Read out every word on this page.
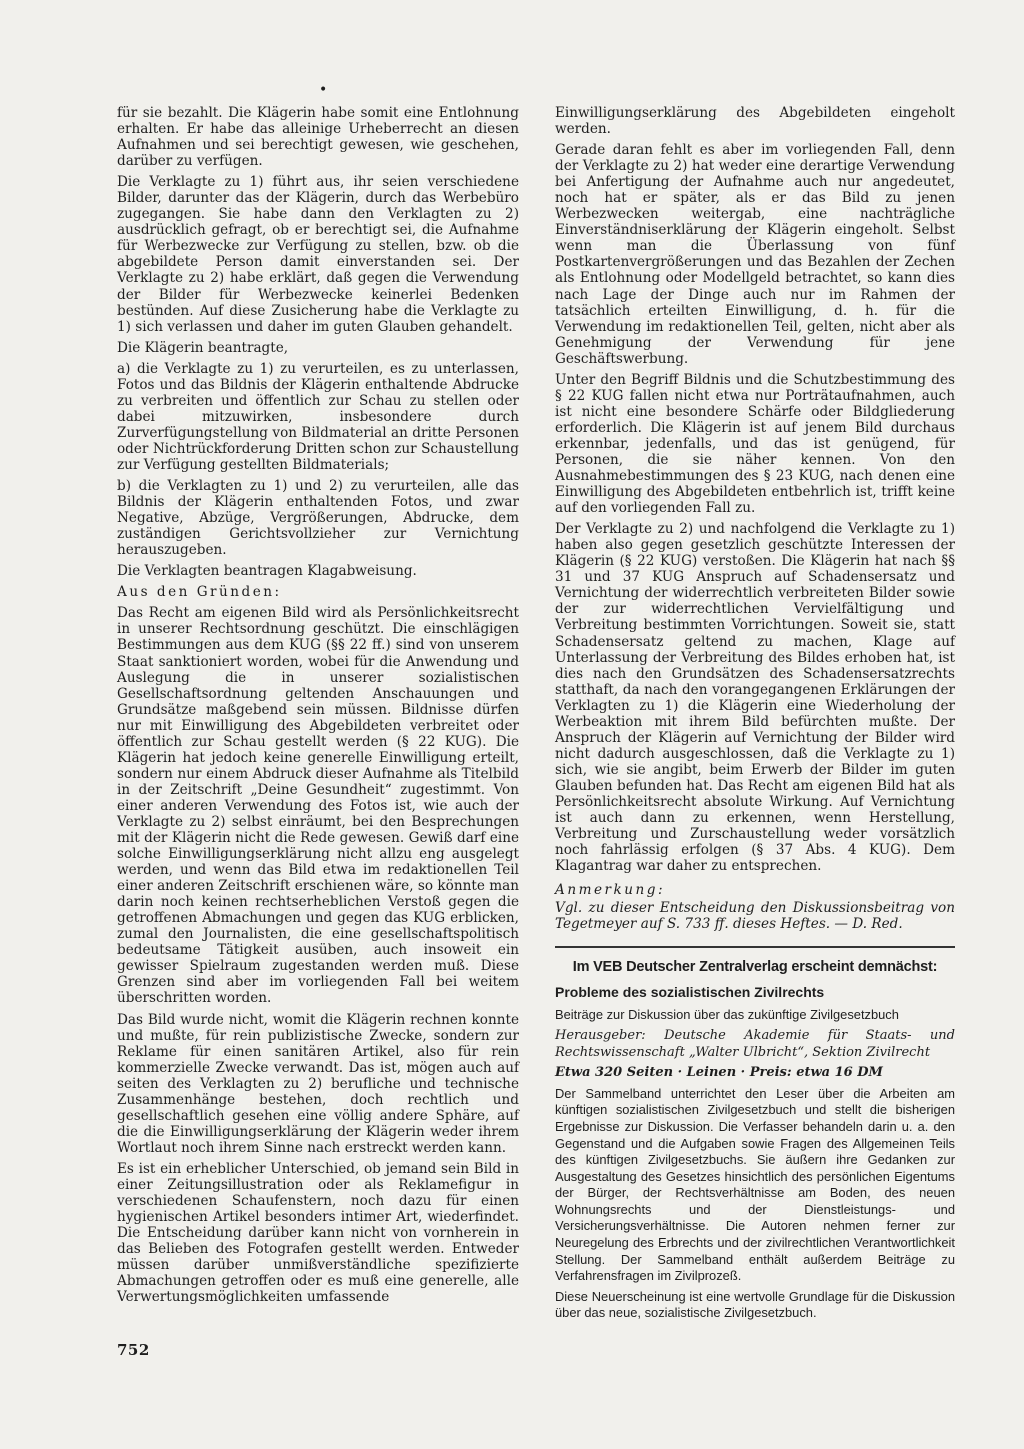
•

für sie bezahlt. Die Klägerin habe somit eine Entlohnung erhalten. Er habe das alleinige Urheberrecht an diesen Aufnahmen und sei berechtigt gewesen, wie geschehen, darüber zu verfügen.

Die Verklagte zu 1) führt aus, ihr seien verschiedene Bilder, darunter das der Klägerin, durch das Werbebüro zugegangen. Sie habe dann den Verklagten zu 2) ausdrücklich gefragt, ob er berechtigt sei, die Aufnahme für Werbezwecke zur Verfügung zu stellen, bzw. ob die abgebildete Person damit einverstanden sei. Der Verklagte zu 2) habe erklärt, daß gegen die Verwendung der Bilder für Werbezwecke keinerlei Bedenken bestünden. Auf diese Zusicherung habe die Verklagte zu 1) sich verlassen und daher im guten Glauben gehandelt.

Die Klägerin beantragte,

a) die Verklagte zu 1) zu verurteilen, es zu unterlassen, Fotos und das Bildnis der Klägerin enthaltende Abdrucke zu verbreiten und öffentlich zur Schau zu stellen oder dabei mitzuwirken, insbesondere durch Zurverfügungstellung von Bildmaterial an dritte Personen oder Nichtrückforderung Dritten schon zur Schaustellung zur Verfügung gestellten Bildmaterials;

b) die Verklagten zu 1) und 2) zu verurteilen, alle das Bildnis der Klägerin enthaltenden Fotos, und zwar Negative, Abzüge, Vergrößerungen, Abdrucke, dem zuständigen Gerichtsvollzieher zur Vernichtung herauszugeben.

Die Verklagten beantragen Klagabweisung.

Aus den Gründen:

Das Recht am eigenen Bild wird als Persönlichkeitsrecht in unserer Rechtsordnung geschützt. Die einschlägigen Bestimmungen aus dem KUG (§§ 22 ff.) sind von unserem Staat sanktioniert worden, wobei für die Anwendung und Auslegung die in unserer sozialistischen Gesellschaftsordnung geltenden Anschauungen und Grundsätze maßgebend sein müssen. Bildnisse dürfen nur mit Einwilligung des Abgebildeten verbreitet oder öffentlich zur Schau gestellt werden (§ 22 KUG). Die Klägerin hat jedoch keine generelle Einwilligung erteilt, sondern nur einem Abdruck dieser Aufnahme als Titelbild in der Zeitschrift „Deine Gesundheit“ zugestimmt. Von einer anderen Verwendung des Fotos ist, wie auch der Verklagte zu 2) selbst einräumt, bei den Besprechungen mit der Klägerin nicht die Rede gewesen. Gewiß darf eine solche Einwilligungserklärung nicht allzu eng ausgelegt werden, und wenn das Bild etwa im redaktionellen Teil einer anderen Zeitschrift erschienen wäre, so könnte man darin noch keinen rechtserheblichen Verstoß gegen die getroffenen Abmachungen und gegen das KUG erblicken, zumal den Journalisten, die eine gesellschaftspolitisch bedeutsame Tätigkeit ausüben, auch insoweit ein gewisser Spielraum zugestanden werden muß. Diese Grenzen sind aber im vorliegenden Fall bei weitem überschritten worden.

Das Bild wurde nicht, womit die Klägerin rechnen konnte und mußte, für rein publizistische Zwecke, sondern zur Reklame für einen sanitären Artikel, also für rein kommerzielle Zwecke verwandt. Das ist, mögen auch auf seiten des Verklagten zu 2) berufliche und technische Zusammenhänge bestehen, doch rechtlich und gesellschaftlich gesehen eine völlig andere Sphäre, auf die die Einwilligungserklärung der Klägerin weder ihrem Wortlaut noch ihrem Sinne nach erstreckt werden kann.

Es ist ein erheblicher Unterschied, ob jemand sein Bild in einer Zeitungsillustration oder als Reklamefigur in verschiedenen Schaufenstern, noch dazu für einen hygienischen Artikel besonders intimer Art, wiederfindet. Die Entscheidung darüber kann nicht von vornherein in das Belieben des Fotografen gestellt werden. Entweder müssen darüber unmißverständliche spezifizierte Abmachungen getroffen oder es muß eine generelle, alle Verwertungsmöglichkeiten umfassende

Einwilligungserklärung des Abgebildeten eingeholt werden.

Gerade daran fehlt es aber im vorliegenden Fall, denn der Verklagte zu 2) hat weder eine derartige Verwendung bei Anfertigung der Aufnahme auch nur angedeutet, noch hat er später, als er das Bild zu jenen Werbezwecken weitergab, eine nachträgliche Einverständniserklärung der Klägerin eingeholt. Selbst wenn man die Überlassung von fünf Postkartenvergrößerungen und das Bezahlen der Zechen als Entlohnung oder Modellgeld betrachtet, so kann dies nach Lage der Dinge auch nur im Rahmen der tatsächlich erteilten Einwilligung, d. h. für die Verwendung im redaktionellen Teil, gelten, nicht aber als Genehmigung der Verwendung für jene Geschäftswerbung.

Unter den Begriff Bildnis und die Schutzbestimmung des § 22 KUG fallen nicht etwa nur Porträtaufnahmen, auch ist nicht eine besondere Schärfe oder Bildgliederung erforderlich. Die Klägerin ist auf jenem Bild durchaus erkennbar, jedenfalls, und das ist genügend, für Personen, die sie näher kennen. Von den Ausnahmebestimmungen des § 23 KUG, nach denen eine Einwilligung des Abgebildeten entbehrlich ist, trifft keine auf den vorliegenden Fall zu.

Der Verklagte zu 2) und nachfolgend die Verklagte zu 1) haben also gegen gesetzlich geschützte Interessen der Klägerin (§ 22 KUG) verstoßen. Die Klägerin hat nach §§ 31 und 37 KUG Anspruch auf Schadensersatz und Vernichtung der widerrechtlich verbreiteten Bilder sowie der zur widerrechtlichen Vervielfältigung und Verbreitung bestimmten Vorrichtungen. Soweit sie, statt Schadensersatz geltend zu machen, Klage auf Unterlassung der Verbreitung des Bildes erhoben hat, ist dies nach den Grundsätzen des Schadensersatzrechts statthaft, da nach den vorangegangenen Erklärungen der Verklagten zu 1) die Klägerin eine Wiederholung der Werbeaktion mit ihrem Bild befürchten mußte. Der Anspruch der Klägerin auf Vernichtung der Bilder wird nicht dadurch ausgeschlossen, daß die Verklagte zu 1) sich, wie sie angibt, beim Erwerb der Bilder im guten Glauben befunden hat. Das Recht am eigenen Bild hat als Persönlichkeitsrecht absolute Wirkung. Auf Vernichtung ist auch dann zu erkennen, wenn Herstellung, Verbreitung und Zurschaustellung weder vorsätzlich noch fahrlässig erfolgen (§ 37 Abs. 4 KUG). Dem Klagantrag war daher zu entsprechen.

Anmerkung:

Vgl. zu dieser Entscheidung den Diskussionsbeitrag von Tegetmeyer auf S. 733 ff. dieses Heftes. — D. Red.

Im VEB Deutscher Zentralverlag erscheint demnächst:
Probleme des sozialistischen Zivilrechts

Beiträge zur Diskussion über das zukünftige Zivilgesetzbuch

Herausgeber: Deutsche Akademie für Staats- und Rechtswissenschaft „Walter Ulbricht“, Sektion Zivilrecht

Etwa 320 Seiten · Leinen · Preis: etwa 16 DM

Der Sammelband unterrichtet den Leser über die Arbeiten am künftigen sozialistischen Zivilgesetzbuch und stellt die bisherigen Ergebnisse zur Diskussion. Die Verfasser behandeln darin u. a. den Gegenstand und die Aufgaben sowie Fragen des Allgemeinen Teils des künftigen Zivilgesetzbuchs. Sie äußern ihre Gedanken zur Ausgestaltung des Gesetzes hinsichtlich des persönlichen Eigentums der Bürger, der Rechtsverhältnisse am Boden, des neuen Wohnungsrechts und der Dienstleistungs- und Versicherungsverhältnisse. Die Autoren nehmen ferner zur Neuregelung des Erbrechts und der zivilrechtlichen Verantwortlichkeit Stellung. Der Sammelband enthält außerdem Beiträge zu Verfahrensfragen im Zivilprozeß.

Diese Neuerscheinung ist eine wertvolle Grundlage für die Diskussion über das neue, sozialistische Zivilgesetzbuch.

752
